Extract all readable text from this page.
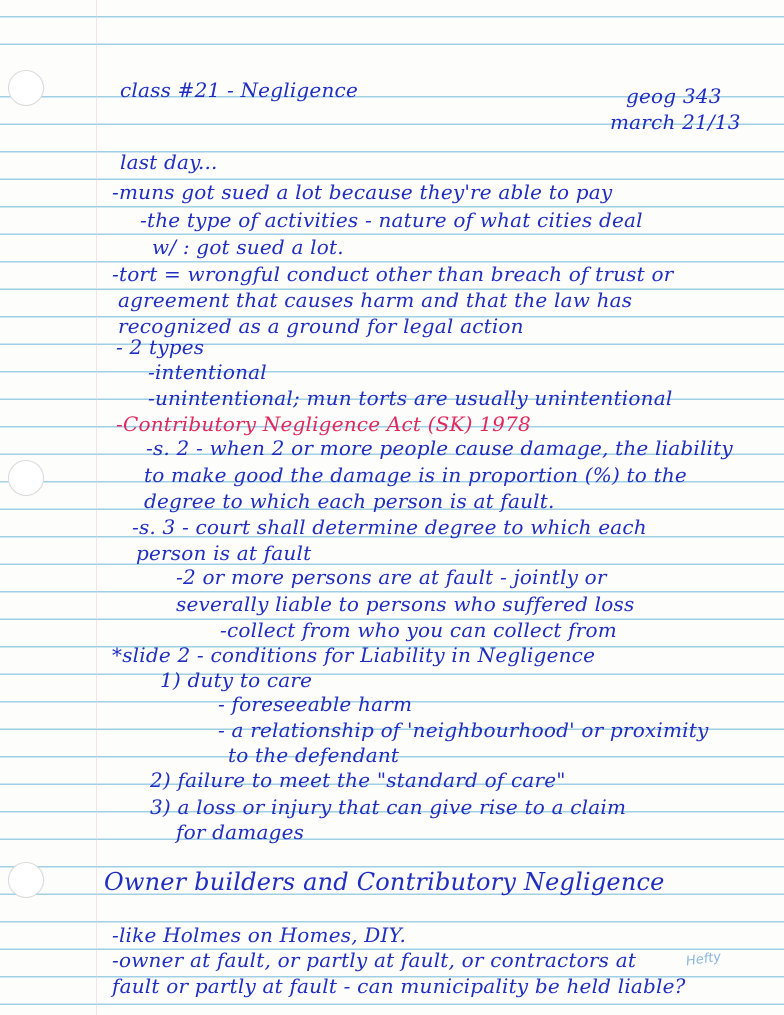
class #21 - Negligence	geog 343
march 21/13
last day...
-muns got sued a lot because they're able to pay
-the type of activities - nature of what cities deal
w/ : got sued a lot.
-tort = wrongful conduct other than breach of trust or
agreement that causes harm and that the law has
recognized as a ground for legal action
- 2 types
-intentional
-unintentional; mun torts are usually unintentional
-Contributory Negligence Act (SK) 1978
-s. 2 - when 2 or more people cause damage, the liability
to make good the damage is in proportion (%) to the
degree to which each person is at fault.
-s. 3 - court shall determine degree to which each
person is at fault
-2 or more persons are at fault - jointly or
severally liable to persons who suffered loss
-collect from who you can collect from
*slide 2 - conditions for Liability in Negligence
1) duty to care
- foreseeable harm
- a relationship of 'neighbourhood' or proximity
to the defendant
2) failure to meet the "standard of care"
3) a loss or injury that can give rise to a claim
for damages
Owner builders and Contributory Negligence
-like Holmes on Homes, DIY.
-owner at fault, or partly at fault, or contractors at
fault or partly at fault - can municipality be held liable?
Hefty
